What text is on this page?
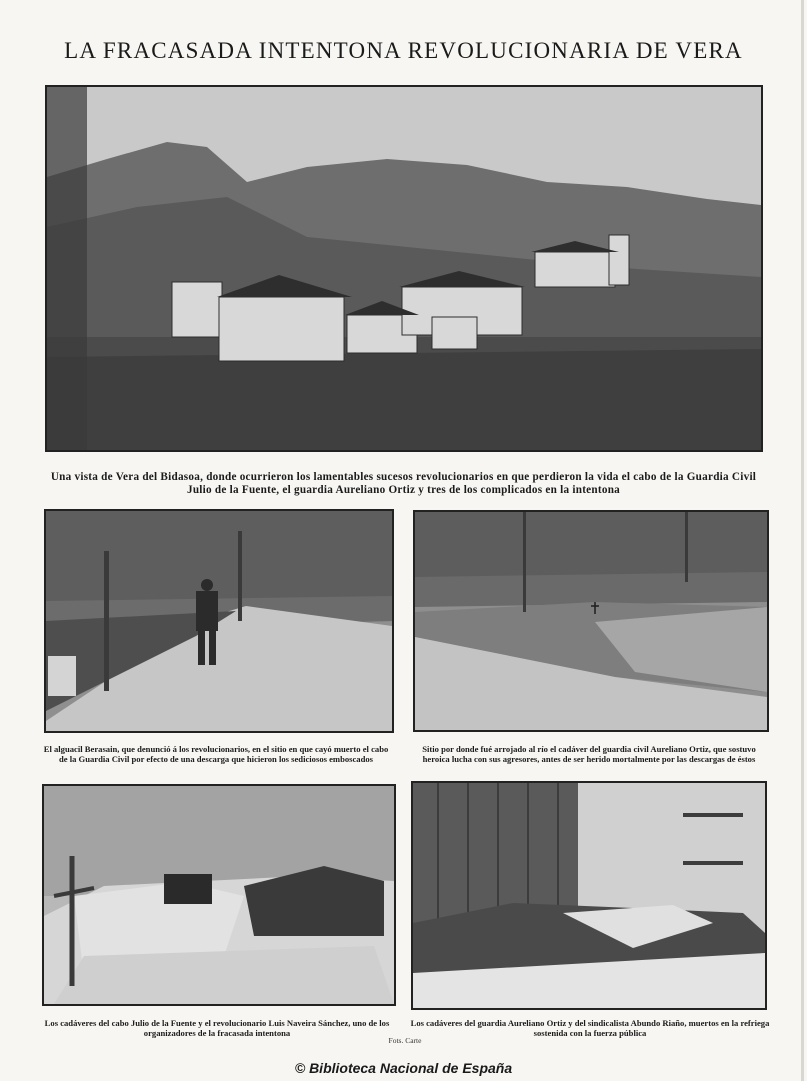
LA FRACASADA INTENTONA REVOLUCIONARIA DE VERA
Una vista de Vera del Bidasoa, donde ocurrieron los lamentables sucesos revolucionarios en que perdieron la vida el cabo de la Guardia Civil Julio de la Fuente, el guardia Aureliano Ortiz y tres de los complicados en la intentona
El alguacil Berasain, que denunció á los revolucionarios, en el sitio en que cayó muerto el cabo de la Guardia Civil por efecto de una descarga que hicieron los sediciosos emboscados
Sitio por donde fué arrojado al río el cadáver del guardia civil Aureliano Ortiz, que sostuvo heroica lucha con sus agresores, antes de ser herido mortalmente por las descargas de éstos
Los cadáveres del cabo Julio de la Fuente y el revolucionario Luis Naveira Sánchez, uno de los organizadores de la fracasada intentona
Los cadáveres del guardia Aureliano Ortiz y del sindicalista Abundo Riaño, muertos en la refriega sostenida con la fuerza pública
Fots. Carte
© Biblioteca Nacional de España
